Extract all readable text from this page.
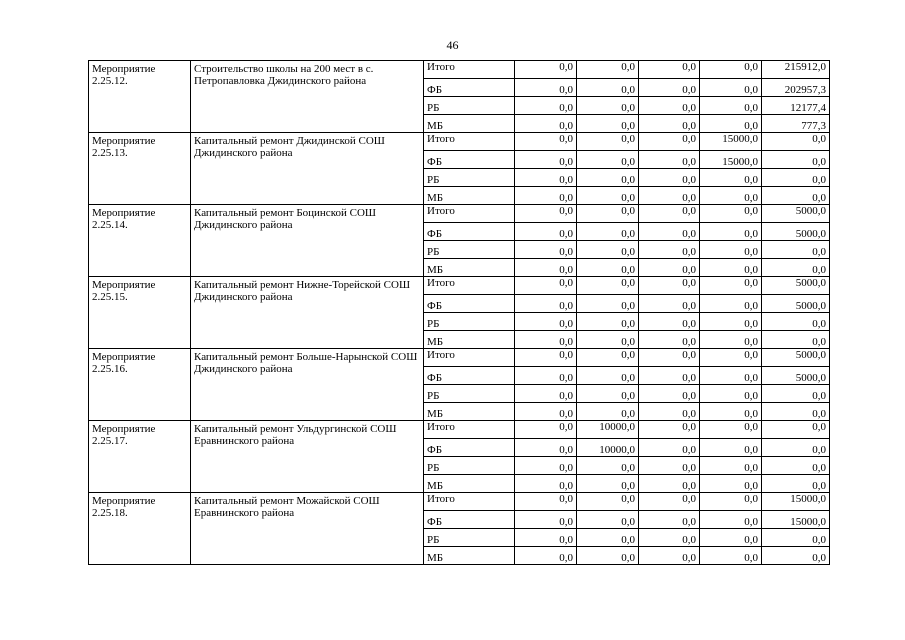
46
Мероприятие
2.25.12.	Строительство школы на 200 мест в с. Петропавловка Джидинского района	Итого	0,0	0,0	0,0	0,0	215912,0
		ФБ	0,0	0,0	0,0	0,0	202957,3
		РБ	0,0	0,0	0,0	0,0	12177,4
		МБ	0,0	0,0	0,0	0,0	777,3

Мероприятие
2.25.13.	Капитальный ремонт Джидинской СОШ Джидинского района	Итого	0,0	0,0	0,0	15000,0	0,0
		ФБ	0,0	0,0	0,0	15000,0	0,0
		РБ	0,0	0,0	0,0	0,0	0,0
		МБ	0,0	0,0	0,0	0,0	0,0

Мероприятие
2.25.14.	Капитальный ремонт Боцинской СОШ Джидинского района	Итого	0,0	0,0	0,0	0,0	5000,0
		ФБ	0,0	0,0	0,0	0,0	5000,0
		РБ	0,0	0,0	0,0	0,0	0,0
		МБ	0,0	0,0	0,0	0,0	0,0

Мероприятие
2.25.15.	Капитальный ремонт Нижне-Торейской СОШ Джидинского района	Итого	0,0	0,0	0,0	0,0	5000,0
		ФБ	0,0	0,0	0,0	0,0	5000,0
		РБ	0,0	0,0	0,0	0,0	0,0
		МБ	0,0	0,0	0,0	0,0	0,0

Мероприятие
2.25.16.	Капитальный ремонт Больше-Нарынской СОШ Джидинского района	Итого	0,0	0,0	0,0	0,0	5000,0
		ФБ	0,0	0,0	0,0	0,0	5000,0
		РБ	0,0	0,0	0,0	0,0	0,0
		МБ	0,0	0,0	0,0	0,0	0,0

Мероприятие
2.25.17.	Капитальный ремонт Ульдургинской СОШ Еравнинского района	Итого	0,0	10000,0	0,0	0,0	0,0
		ФБ	0,0	10000,0	0,0	0,0	0,0
		РБ	0,0	0,0	0,0	0,0	0,0
		МБ	0,0	0,0	0,0	0,0	0,0

Мероприятие
2.25.18.	Капитальный ремонт Можайской СОШ Еравнинского района	Итого	0,0	0,0	0,0	0,0	15000,0
		ФБ	0,0	0,0	0,0	0,0	15000,0
		РБ	0,0	0,0	0,0	0,0	0,0
		МБ	0,0	0,0	0,0	0,0	0,0
